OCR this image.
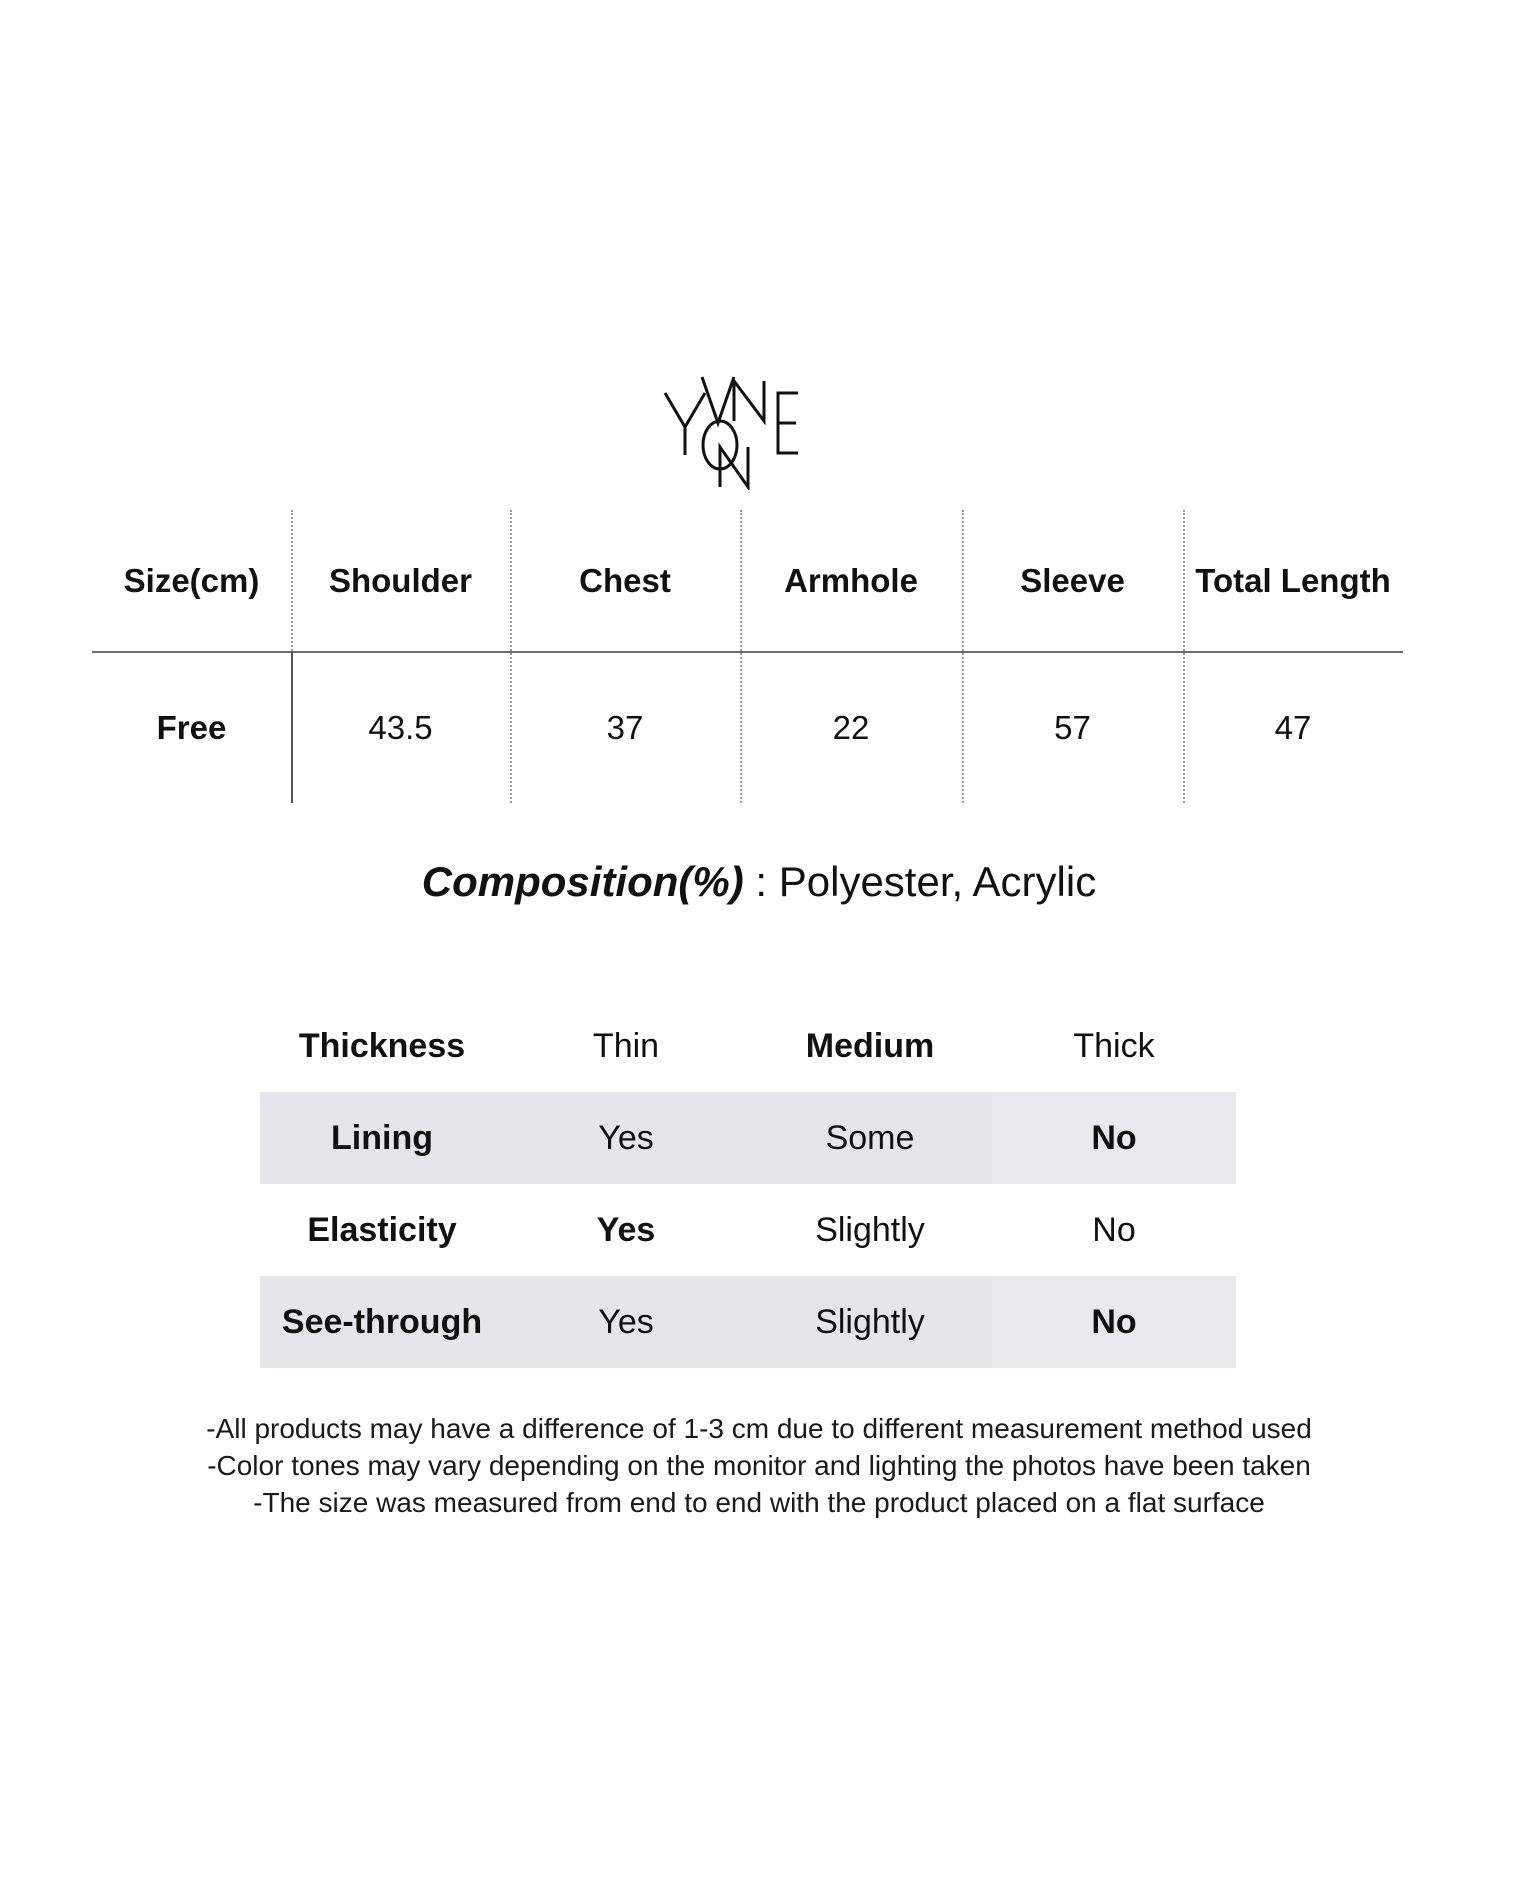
Size(cm)	Shoulder	Chest	Armhole	Sleeve	Total Length
Free	43.5	37	22	57	47
Composition(%) : Polyester, Acrylic
Thickness	Thin	Medium	Thick
Lining	Yes	Some	No
Elasticity	Yes	Slightly	No
See-through	Yes	Slightly	No
-All products may have a difference of 1-3 cm due to different measurement method used
-Color tones may vary depending on the monitor and lighting the photos have been taken
-The size was measured from end to end with the product placed on a flat surface
